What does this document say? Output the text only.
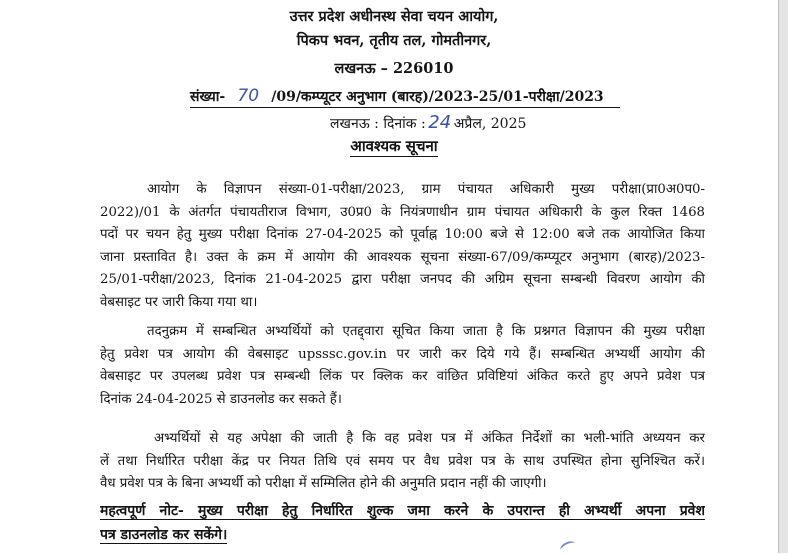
उत्तर प्रदेश अधीनस्थ सेवा चयन आयोग,
पिकप भवन, तृतीय तल, गोमतीनगर,
लखनऊ – 226010
संख्या- 70 /09/कम्प्यूटर अनुभाग (बारह)/2023-25/01-परीक्षा/2023
लखनऊ : दिनांक : 24 अप्रैल, 2025
आवश्यक सूचना
आयोग के विज्ञापन संख्या-01-परीक्षा/2023, ग्राम पंचायत अधिकारी मुख्य परीक्षा(प्रा0अ0प0-
2022)/01 के अंतर्गत पंचायतीराज विभाग, उ0प्र0 के नियंत्रणाधीन ग्राम पंचायत अधिकारी के कुल रिक्त 1468
पदों पर चयन हेतु मुख्य परीक्षा दिनांक 27-04-2025 को पूर्वाह्न 10:00 बजे से 12:00 बजे तक आयोजित किया
जाना प्रस्तावित है। उक्त के क्रम में आयोग की आवश्यक सूचना संख्या-67/09/कम्प्यूटर अनुभाग (बारह)/2023-
25/01-परीक्षा/2023, दिनांक 21-04-2025 द्वारा परीक्षा जनपद की अग्रिम सूचना सम्बन्धी विवरण आयोग की
वेबसाइट पर जारी किया गया था।
तदनुक्रम में सम्बन्धित अभ्यर्थियों को एतद्द्वारा सूचित किया जाता है कि प्रश्नगत विज्ञापन की मुख्य परीक्षा
हेतु प्रवेश पत्र आयोग की वेबसाइट upsssc.gov.in पर जारी कर दिये गये हैं। सम्बन्धित अभ्यर्थी आयोग की
वेबसाइट पर उपलब्ध प्रवेश पत्र सम्बन्धी लिंक पर क्लिक कर वांछित प्रविष्टियां अंकित करते हुए अपने प्रवेश पत्र
दिनांक 24-04-2025 से डाउनलोड कर सकते हैं।
अभ्यर्थियों से यह अपेक्षा की जाती है कि वह प्रवेश पत्र में अंकित निर्देशों का भली-भांति अध्ययन कर
लें तथा निर्धारित परीक्षा केंद्र पर नियत तिथि एवं समय पर वैध प्रवेश पत्र के साथ उपस्थित होना सुनिश्चित करें।
वैध प्रवेश पत्र के बिना अभ्यर्थी को परीक्षा में सम्मिलित होने की अनुमति प्रदान नहीं की जाएगी।
महत्वपूर्ण नोट- मुख्य परीक्षा हेतु निर्धारित शुल्क जमा करने के उपरान्त ही अभ्यर्थी अपना प्रवेश
पत्र डाउनलोड कर सकेंगे।
